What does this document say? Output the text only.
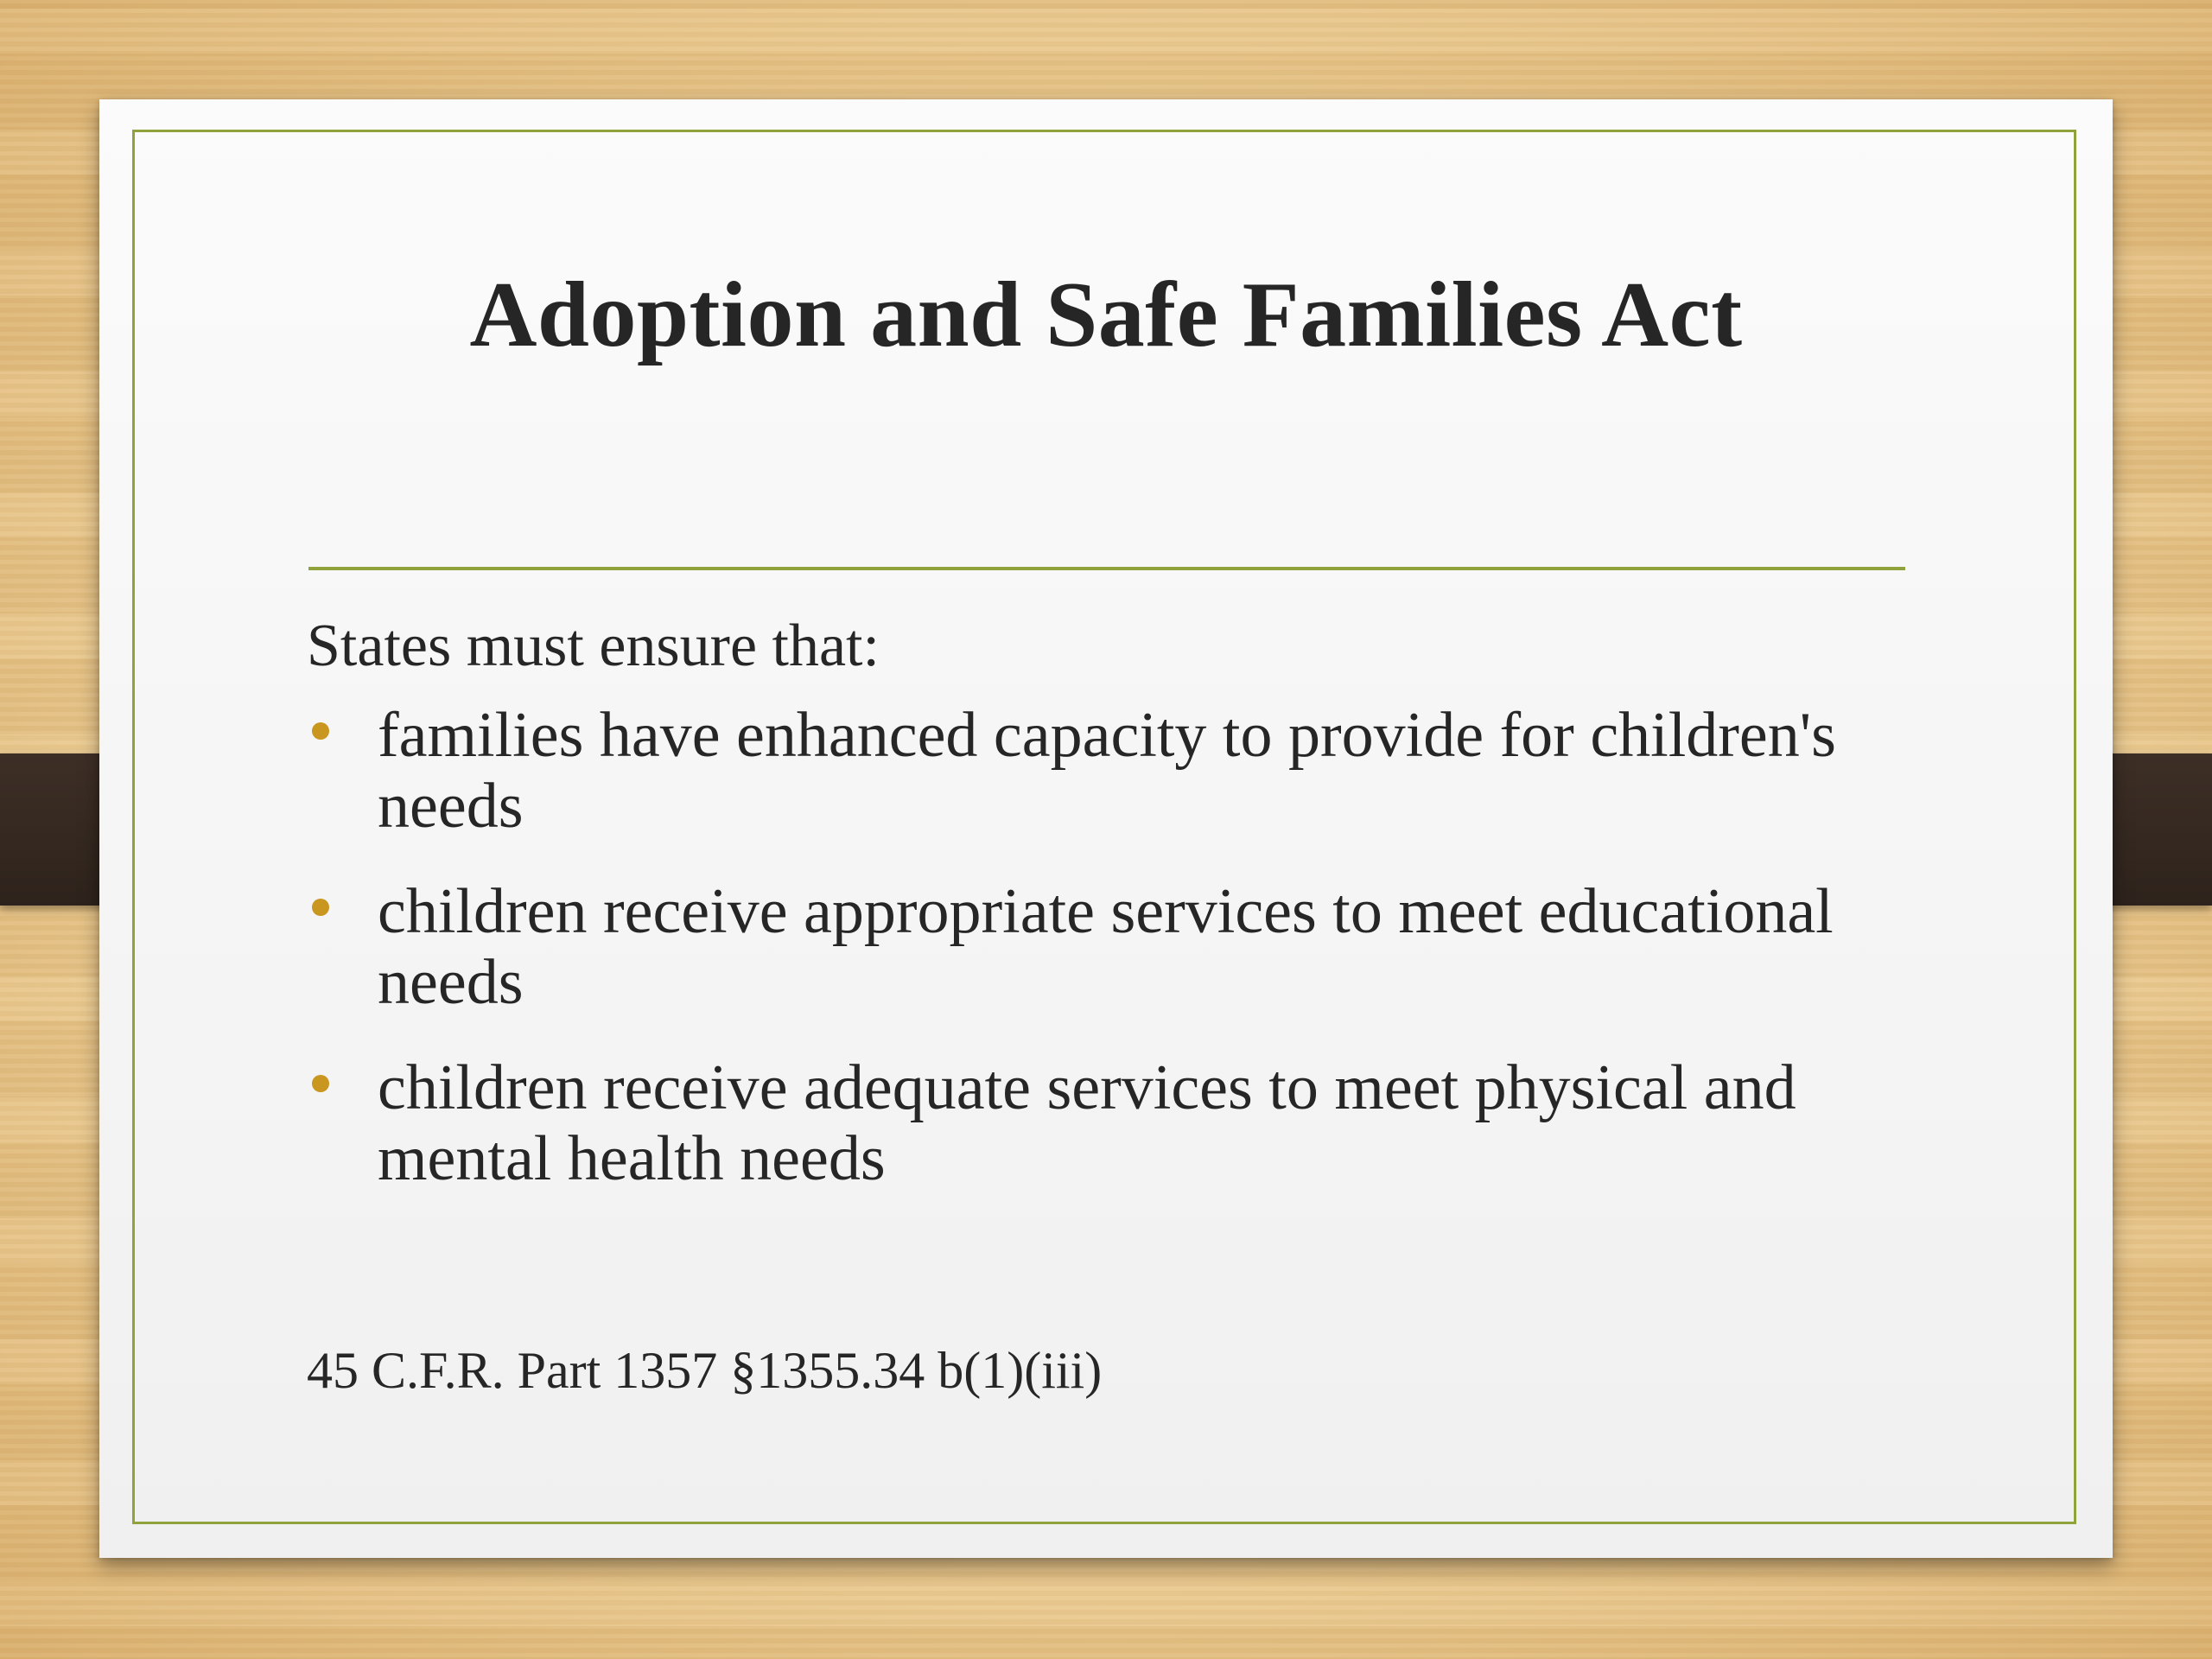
Adoption and Safe Families Act
States must ensure that:
families have enhanced capacity to provide for children's needs
children receive appropriate services to meet educational needs
children receive adequate services to meet physical and mental health needs
45 C.F.R. Part 1357 §1355.34 b(1)(iii)
